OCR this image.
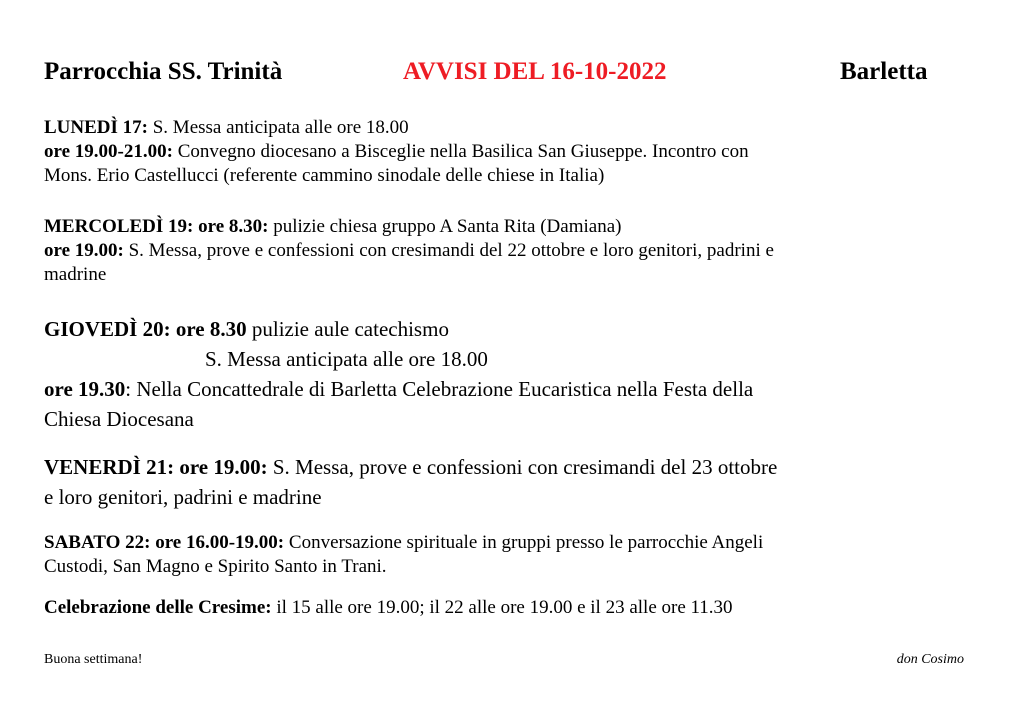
Parrocchia SS. Trinità	AVVISI DEL 16-10-2022	Barletta
LUNEDÌ 17: S. Messa anticipata alle ore 18.00
ore 19.00-21.00: Convegno diocesano a Bisceglie nella Basilica San Giuseppe. Incontro con
Mons. Erio Castellucci (referente cammino sinodale delle chiese in Italia)
MERCOLEDÌ 19: ore 8.30: pulizie chiesa gruppo A Santa Rita (Damiana)
ore 19.00: S. Messa, prove e confessioni con cresimandi del 22 ottobre e loro genitori, padrini e
madrine
GIOVEDÌ 20: ore 8.30 pulizie aule catechismo
S. Messa anticipata alle ore 18.00
ore 19.30: Nella Concattedrale di Barletta Celebrazione Eucaristica nella Festa della
Chiesa Diocesana
VENERDÌ 21: ore 19.00: S. Messa, prove e confessioni con cresimandi del 23 ottobre
e loro genitori, padrini e madrine
SABATO 22: ore 16.00-19.00: Conversazione spirituale in gruppi presso le parrocchie Angeli
Custodi, San Magno e Spirito Santo in Trani.
Celebrazione delle Cresime: il 15 alle ore 19.00; il 22 alle ore 19.00 e il 23 alle ore 11.30
Buona settimana!	don Cosimo
